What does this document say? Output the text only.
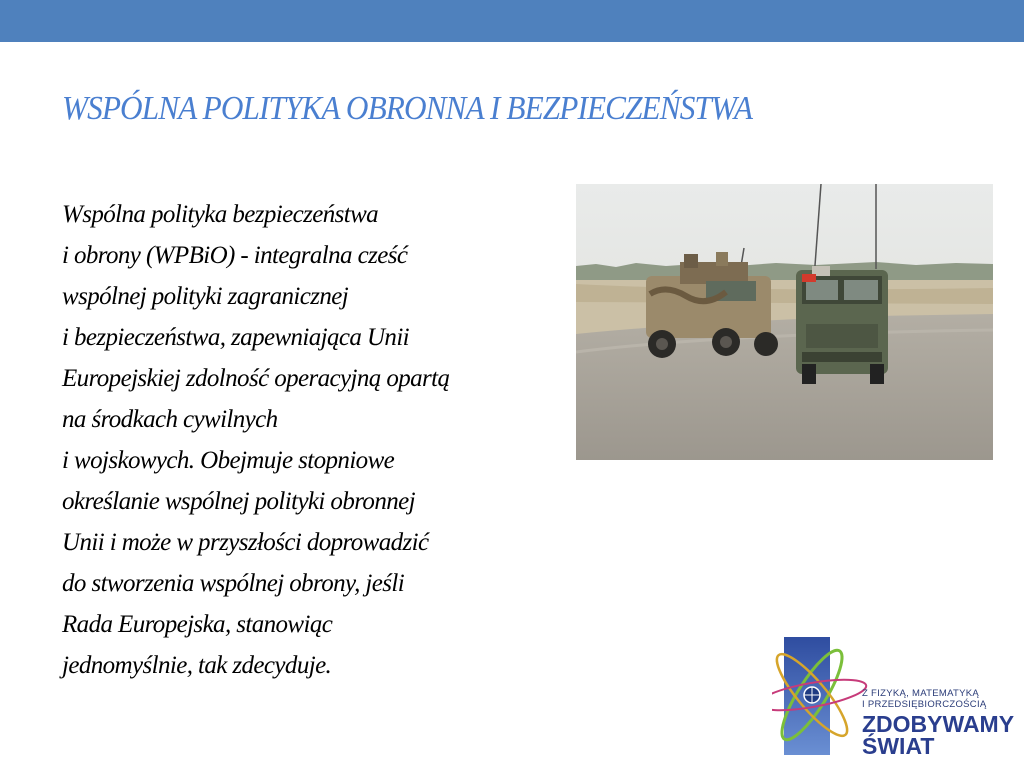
WSPÓLNA POLITYKA OBRONNA I BEZPIECZEŃSTWA
Wspólna polityka bezpieczeństwa
i obrony (WPBiO) - integralna cześć
wspólnej polityki zagranicznej
i bezpieczeństwa, zapewniająca Unii
Europejskiej zdolność operacyjną opartą
na środkach cywilnych
i wojskowych. Obejmuje stopniowe
określanie wspólnej polityki obronnej
Unii i może w przyszłości doprowadzić
do stworzenia wspólnej obrony, jeśli
Rada Europejska, stanowiąc
jednomyślnie, tak zdecyduje.
Z FIZYKĄ, MATEMATYKĄ
I PRZEDSIĘBIORCZOŚCIĄ
ZDOBYWAMY
ŚWIAT
